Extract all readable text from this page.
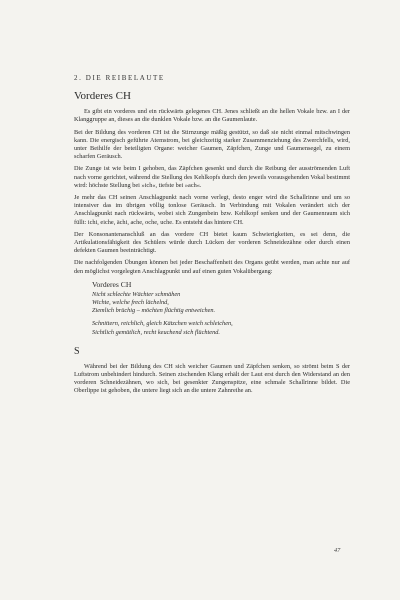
2. DIE REIBELAUTE
Vorderes CH

Es gibt ein vorderes und ein rückwärts gelegenes CH. Jenes schließt an die hellen Vokale bzw. an I der Klanggruppe an, dieses an die dunklen Vokale bzw. an die Gaumenlaute.

Bei der Bildung des vorderen CH ist die Stirnzunge mäßig gestützt, so daß sie nicht einmal mitschwingen kann. Die energisch geführte Atemstrom, bei gleichzeitig starker Zusammenziehung des Zwerchfells, wird, unter Beihilfe der beteiligten Organe: weicher Gaumen, Zäpfchen, Zunge und Gaumensegel, zu einem scharfen Geräusch.

Die Zunge ist wie beim I gehoben, das Zäpfchen gesenkt und durch die Reibung der ausströmenden Luft nach vorne gerichtet, während die Stellung des Kehlkopfs durch den jeweils vorausgehenden Vokal bestimmt wird: höchste Stellung bei »ich«, tiefste bei »ach«.

Je mehr das CH seinen Anschlagpunkt nach vorne verlegt, desto enger wird die Schallrinne und um so intensiver das im übrigen völlig tonlose Geräusch. In Verbindung mit Vokalen verändert sich der Anschlagpunkt nach rückwärts, wobei sich Zungenbein bzw. Kehlkopf senken und der Gaumenraum sich füllt: ichi, eiche, ächi, ache, oche, uche. Es entsteht das hintere CH.

Der Konsonantenanschluß an das vordere CH bietet kaum Schwierigkeiten, es sei denn, die Artikulationsfähigkeit des Schülers würde durch Lücken der vorderen Schneidezähne oder durch einen defekten Gaumen beeinträchtigt.

Die nachfolgenden Übungen können bei jeder Beschaffenheit des Organs geübt werden, man achte nur auf den möglichst vorgelegten Anschlagpunkt und auf einen guten Vokalübergang:

Vorderes CH
Nicht schlechte Wächter schmähen
Wichte, welche frech lächelnd,
Ziemlich brüchig – möchten flüchtig entweichen.
Schnittern, reichlich, gleich Kätzchen weich schleichen,
Sichtlich gemütlich, recht keuchend sich flüchtend.
S

Während bei der Bildung des CH sich weicher Gaumen und Zäpfchen senken, so strömt beim S der Luftstrom unbehindert hindurch. Seinen zischenden Klang erhält der Laut erst durch den Widerstand an den vorderen Schneidezähnen, wo sich, bei gesenkter Zungenspitze, eine schmale Schallrinne bildet. Die Oberlippe ist gehoben, die untere liegt sich an die untere Zahnreihe an.

47
